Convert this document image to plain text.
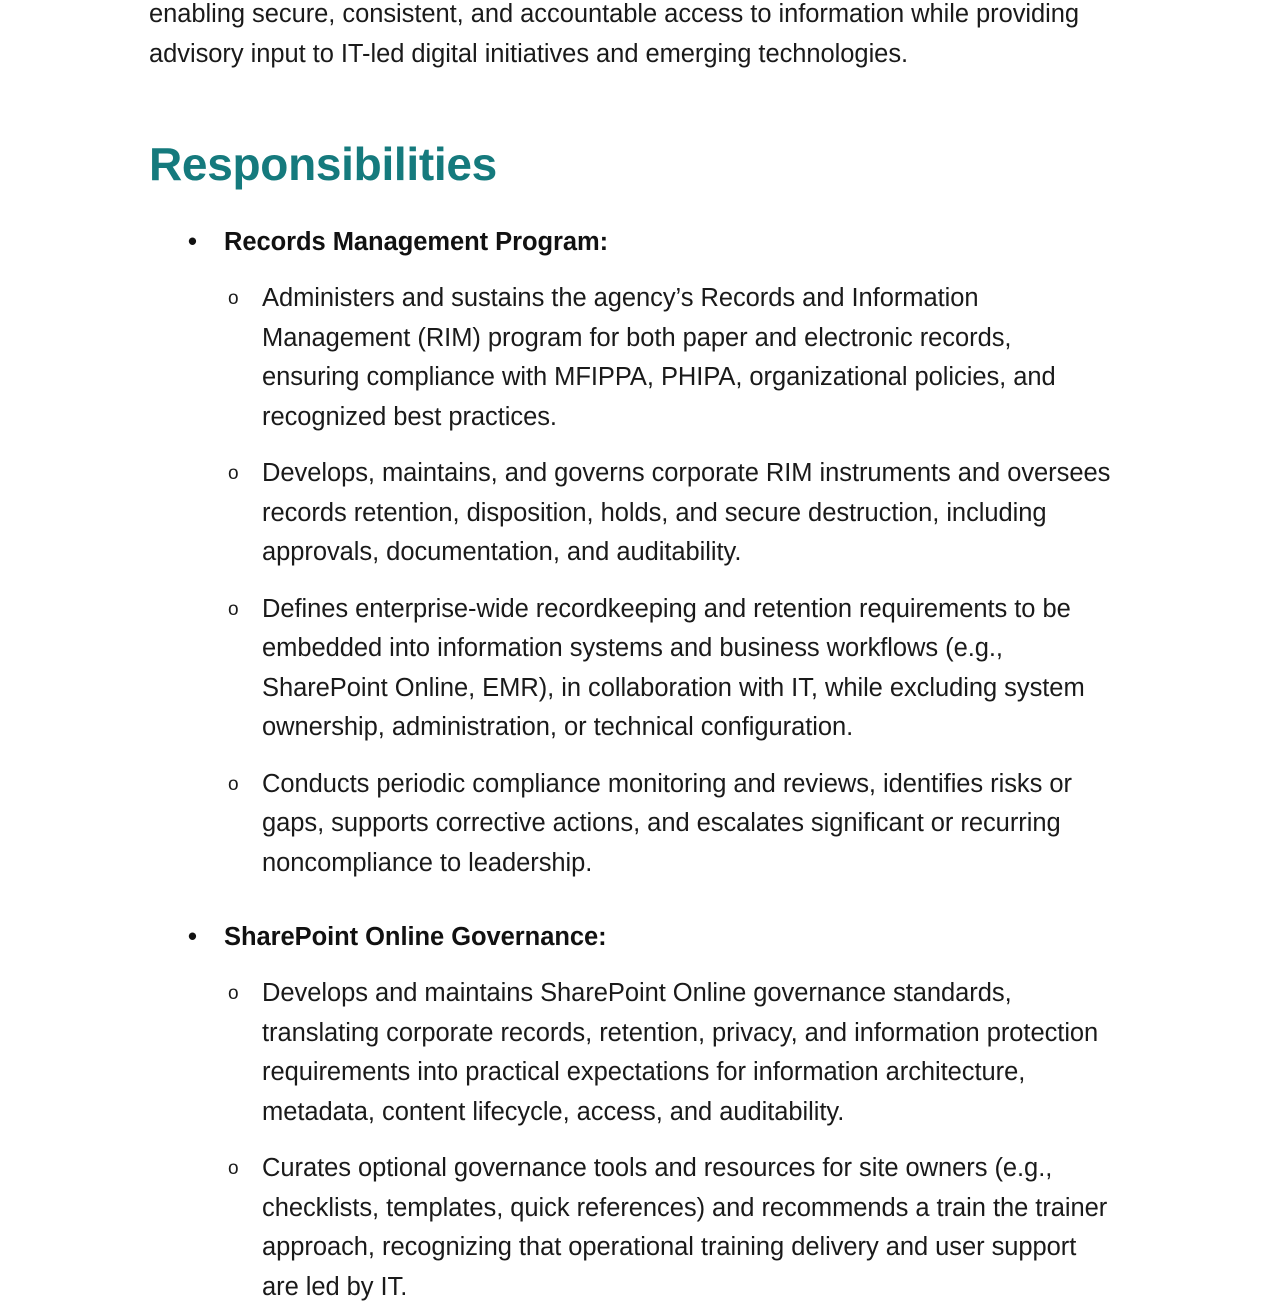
enabling secure, consistent, and accountable access to information while providing
advisory input to IT-led digital initiatives and emerging technologies.

Responsibilities
•	Records Management Program:
o Administers and sustains the agency’s Records and Information Management (RIM) program for both paper and electronic records, ensuring compliance with MFIPPA, PHIPA, organizational policies, and recognized best practices.
o Develops, maintains, and governs corporate RIM instruments and oversees records retention, disposition, holds, and secure destruction, including approvals, documentation, and auditability.
o Defines enterprise-wide recordkeeping and retention requirements to be embedded into information systems and business workflows (e.g., SharePoint Online, EMR), in collaboration with IT, while excluding system ownership, administration, or technical configuration.
o Conducts periodic compliance monitoring and reviews, identifies risks or gaps, supports corrective actions, and escalates significant or recurring noncompliance to leadership.
•	SharePoint Online Governance:
o Develops and maintains SharePoint Online governance standards, translating corporate records, retention, privacy, and information protection requirements into practical expectations for information architecture, metadata, content lifecycle, access, and auditability.
o Curates optional governance tools and resources for site owners (e.g., checklists, templates, quick references) and recommends a train the trainer approach, recognizing that operational training delivery and user support are led by IT.
